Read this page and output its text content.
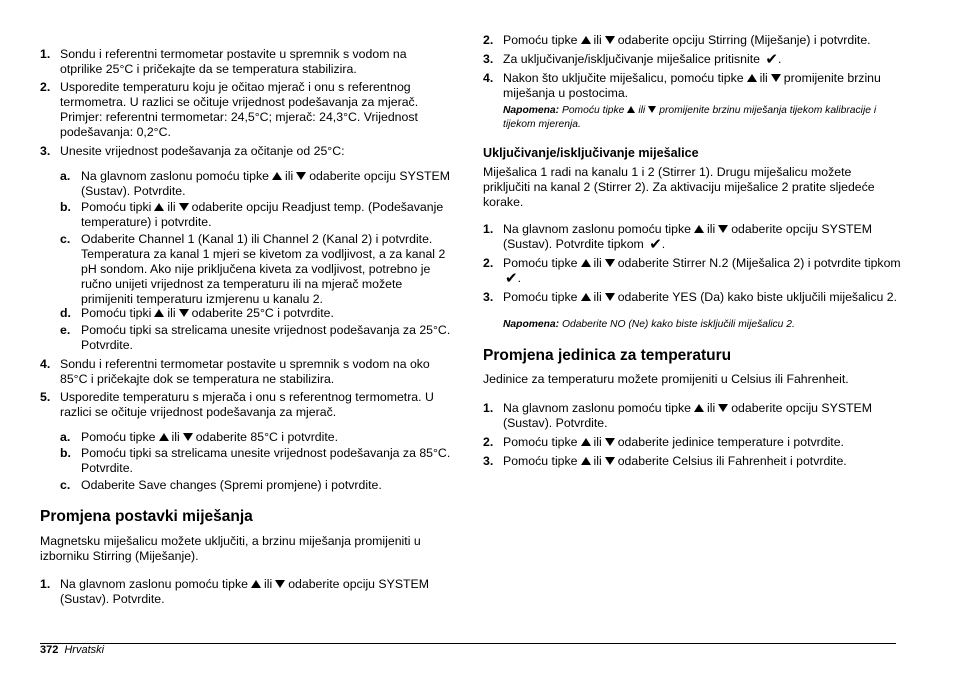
1. Sondu i referentni termometar postavite u spremnik s vodom na otprilike 25°C i pričekajte da se temperatura stabilizira.
2. Usporedite temperaturu koju je očitao mjerač i onu s referentnog termometra. U razlici se očituje vrijednost podešavanja za mjerač. Primjer: referentni termometar: 24,5°C; mjerač: 24,3°C. Vrijednost podešavanja: 0,2°C.
3. Unesite vrijednost podešavanja za očitanje od 25°C:
a. Na glavnom zaslonu pomoću tipke ili odaberite opciju SYSTEM (Sustav). Potvrdite.
b. Pomoću tipki ili odaberite opciju Readjust temp. (Podešavanje temperature) i potvrdite.
c. Odaberite Channel 1 (Kanal 1) ili Channel 2 (Kanal 2) i potvrdite. Temperatura za kanal 1 mjeri se kivetom za vodljivost, a za kanal 2 pH sondom. Ako nije priključena kiveta za vodljivost, potrebno je ručno unijeti vrijednost za temperaturu ili na mjerač možete primijeniti temperaturu izmjerenu u kanalu 2.
d. Pomoću tipki ili odaberite 25°C i potvrdite.
e. Pomoću tipki sa strelicama unesite vrijednost podešavanja za 25°C. Potvrdite.
4. Sondu i referentni termometar postavite u spremnik s vodom na oko 85°C i pričekajte dok se temperatura ne stabilizira.
5. Usporedite temperaturu s mjerača i onu s referentnog termometra. U razlici se očituje vrijednost podešavanja za mjerač.
a. Pomoću tipke ili odaberite 85°C i potvrdite.
b. Pomoću tipki sa strelicama unesite vrijednost podešavanja za 85°C. Potvrdite.
c. Odaberite Save changes (Spremi promjene) i potvrdite.
Promjena postavki miješanja
Magnetsku miješalicu možete uključiti, a brzinu miješanja promijeniti u izborniku Stirring (Miješanje).
1. Na glavnom zaslonu pomoću tipke ili odaberite opciju SYSTEM (Sustav). Potvrdite.
2. Pomoću tipke ili odaberite opciju Stirring (Miješanje) i potvrdite.
3. Za uključivanje/isključivanje miješalice pritisnite ✔.
4. Nakon što uključite miješalicu, pomoću tipke ili promijenite brzinu miješanja u postocima.
Napomena: Pomoću tipke ili promijenite brzinu miješanja tijekom kalibracije i tijekom mjerenja.
Uključivanje/isključivanje miješalice
Miješalica 1 radi na kanalu 1 i 2 (Stirrer 1). Drugu miješalicu možete priključiti na kanal 2 (Stirrer 2). Za aktivaciju miješalice 2 pratite sljedeće korake.
1. Na glavnom zaslonu pomoću tipke ili odaberite opciju SYSTEM (Sustav). Potvrdite tipkom ✔.
2. Pomoću tipke ili odaberite Stirrer N.2 (Miješalica 2) i potvrdite tipkom ✔.
3. Pomoću tipke ili odaberite YES (Da) kako biste uključili miješalicu 2.
Napomena: Odaberite NO (Ne) kako biste isključili miješalicu 2.
Promjena jedinica za temperaturu
Jedinice za temperaturu možete promijeniti u Celsius ili Fahrenheit.
1. Na glavnom zaslonu pomoću tipke ili odaberite opciju SYSTEM (Sustav). Potvrdite.
2. Pomoću tipke ili odaberite jedinice temperature i potvrdite.
3. Pomoću tipke ili odaberite Celsius ili Fahrenheit i potvrdite.
372 Hrvatski
